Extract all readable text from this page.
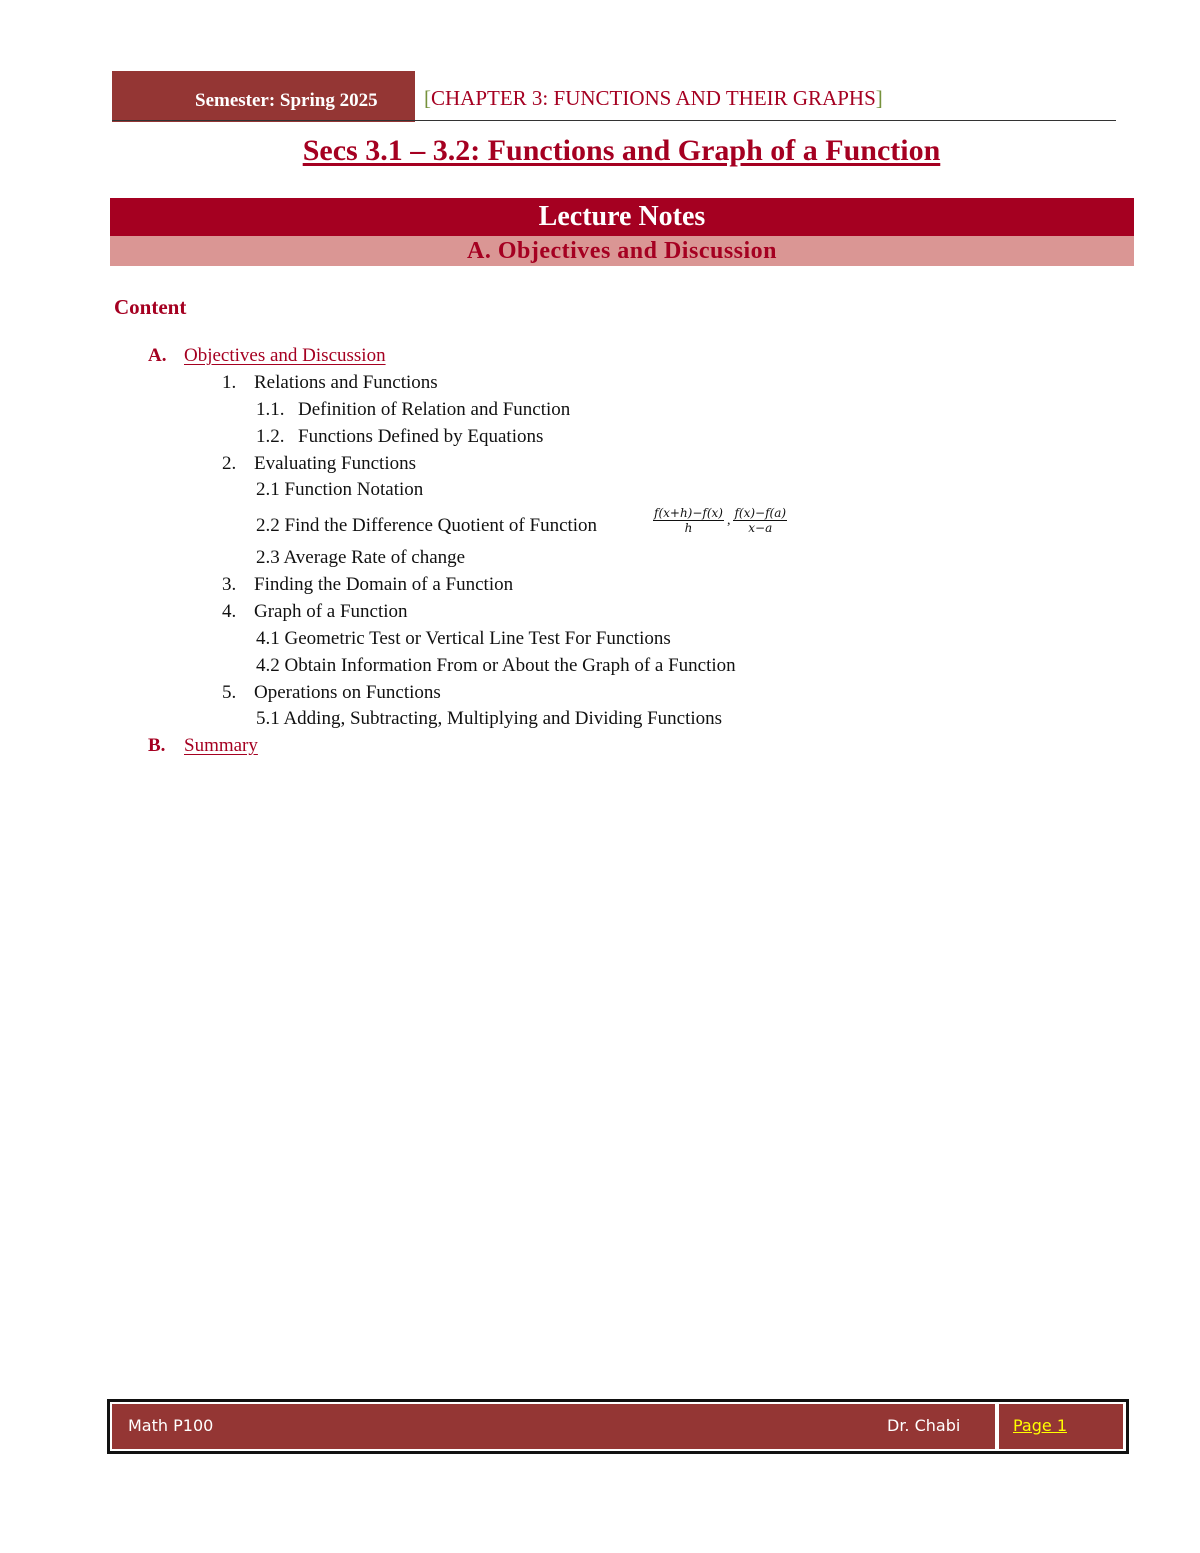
Semester: Spring 2025 [CHAPTER 3: FUNCTIONS AND THEIR GRAPHS]
Secs 3.1 – 3.2: Functions and Graph of a Function
Lecture Notes
A. Objectives and Discussion
Content
A. Objectives and Discussion
1. Relations and Functions
1.1. Definition of Relation and Function
1.2. Functions Defined by Equations
2. Evaluating Functions
2.1 Function Notation
2.2 Find the Difference Quotient of Function	$\frac{f(x+h)-f(x)}{h}$ , $\frac{f(x)-f(a)}{x-a}$
2.3 Average Rate of change
3. Finding the Domain of a Function
4. Graph of a Function
4.1 Geometric Test or Vertical Line Test For Functions
4.2 Obtain Information From or About the Graph of a Function
5. Operations on Functions
5.1 Adding, Subtracting, Multiplying and Dividing Functions
B. Summary
Math P100	Dr. Chabi	Page 1
